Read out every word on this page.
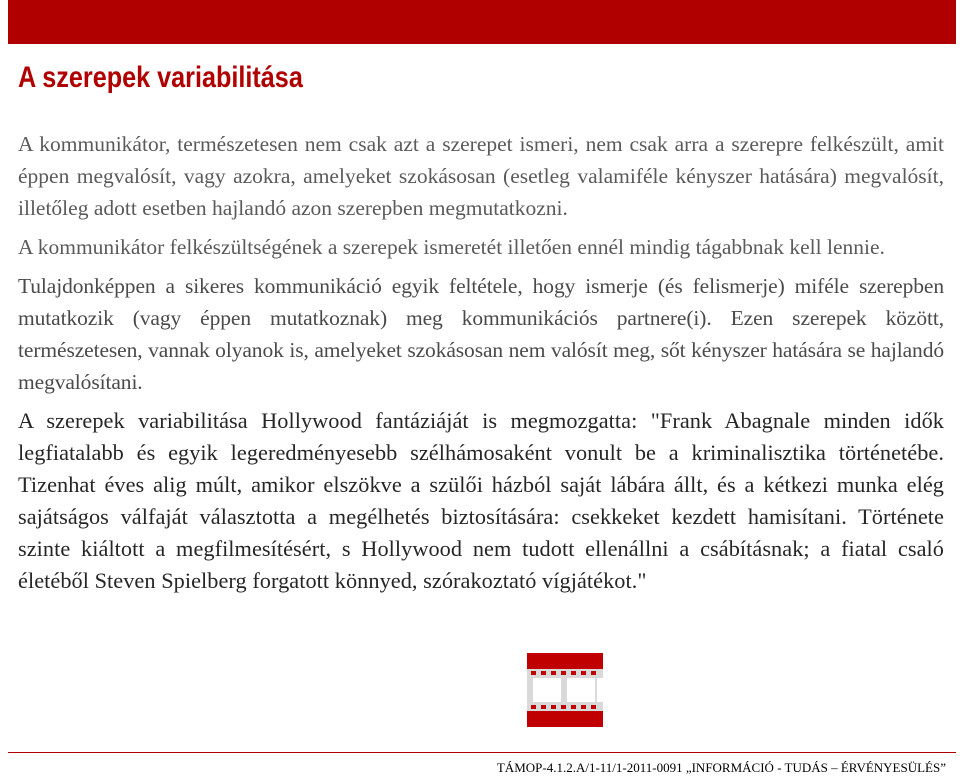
A szerepek variabilitása

A kommunikátor, természetesen nem csak azt a szerepet ismeri, nem csak arra a szerepre felkészült, amit éppen megvalósít, vagy azokra, amelyeket szokásosan (esetleg valamiféle kényszer hatására) megvalósít, illetőleg adott esetben hajlandó azon szerepben megmutatkozni.

A kommunikátor felkészültségének a szerepek ismeretét illetően ennél mindig tágabbnak kell lennie.

Tulajdonképpen a sikeres kommunikáció egyik feltétele, hogy ismerje (és felismerje) miféle szerepben mutatkozik (vagy éppen mutatkoznak) meg kommunikációs partnere(i). Ezen szerepek között, természetesen, vannak olyanok is, amelyeket szokásosan nem valósít meg, sőt kényszer hatására se hajlandó megvalósítani.

A szerepek variabilitása Hollywood fantáziáját is megmozgatta: "Frank Abagnale minden idők legfiatalabb és egyik legeredményesebb szélhámosaként vonult be a kriminalisztika történetébe. Tizenhat éves alig múlt, amikor elszökve a szülői házból saját lábára állt, és a kétkezi munka elég sajátságos válfaját választotta a megélhetés biztosítására: csekkeket kezdett hamisítani. Története szinte kiáltott a megfilmesítésért, s Hollywood nem tudott ellenállni a csábításnak; a fiatal csaló életéből Steven Spielberg forgatott könnyed, szórakoztató vígjátékot."

TÁMOP-4.1.2.A/1-11/1-2011-0091 „INFORMÁCIÓ - TUDÁS – ÉRVÉNYESÜLÉS”
